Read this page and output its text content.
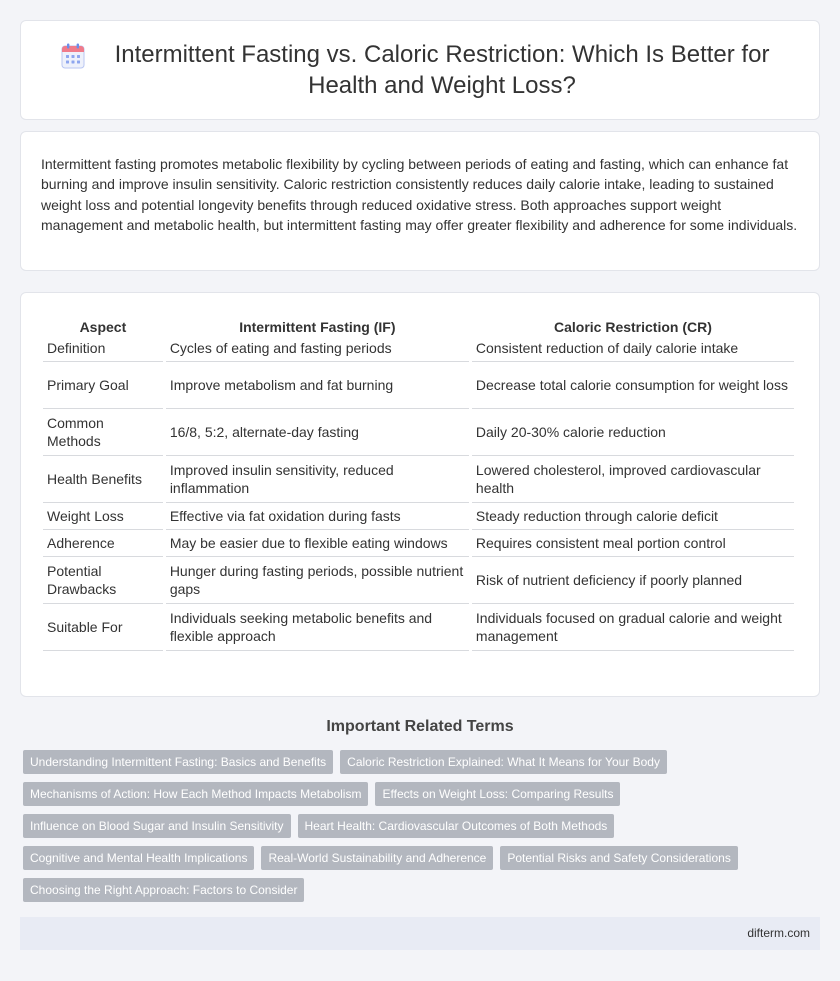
Intermittent Fasting vs. Caloric Restriction: Which Is Better for Health and Weight Loss?

Intermittent fasting promotes metabolic flexibility by cycling between periods of eating and fasting, which can enhance fat burning and improve insulin sensitivity. Caloric restriction consistently reduces daily calorie intake, leading to sustained weight loss and potential longevity benefits through reduced oxidative stress. Both approaches support weight management and metabolic health, but intermittent fasting may offer greater flexibility and adherence for some individuals.

Aspect	Intermittent Fasting (IF)	Caloric Restriction (CR)
Definition	Cycles of eating and fasting periods	Consistent reduction of daily calorie intake
Primary Goal	Improve metabolism and fat burning	Decrease total calorie consumption for weight loss
Common Methods	16/8, 5:2, alternate-day fasting	Daily 20-30% calorie reduction
Health Benefits	Improved insulin sensitivity, reduced inflammation	Lowered cholesterol, improved cardiovascular health
Weight Loss	Effective via fat oxidation during fasts	Steady reduction through calorie deficit
Adherence	May be easier due to flexible eating windows	Requires consistent meal portion control
Potential Drawbacks	Hunger during fasting periods, possible nutrient gaps	Risk of nutrient deficiency if poorly planned
Suitable For	Individuals seeking metabolic benefits and flexible approach	Individuals focused on gradual calorie and weight management
Important Related Terms
Understanding Intermittent Fasting: Basics and Benefits	Caloric Restriction Explained: What It Means for Your Body
Mechanisms of Action: How Each Method Impacts Metabolism	Effects on Weight Loss: Comparing Results
Influence on Blood Sugar and Insulin Sensitivity	Heart Health: Cardiovascular Outcomes of Both Methods
Cognitive and Mental Health Implications	Real-World Sustainability and Adherence	Potential Risks and Safety Considerations
Choosing the Right Approach: Factors to Consider
difterm.com
